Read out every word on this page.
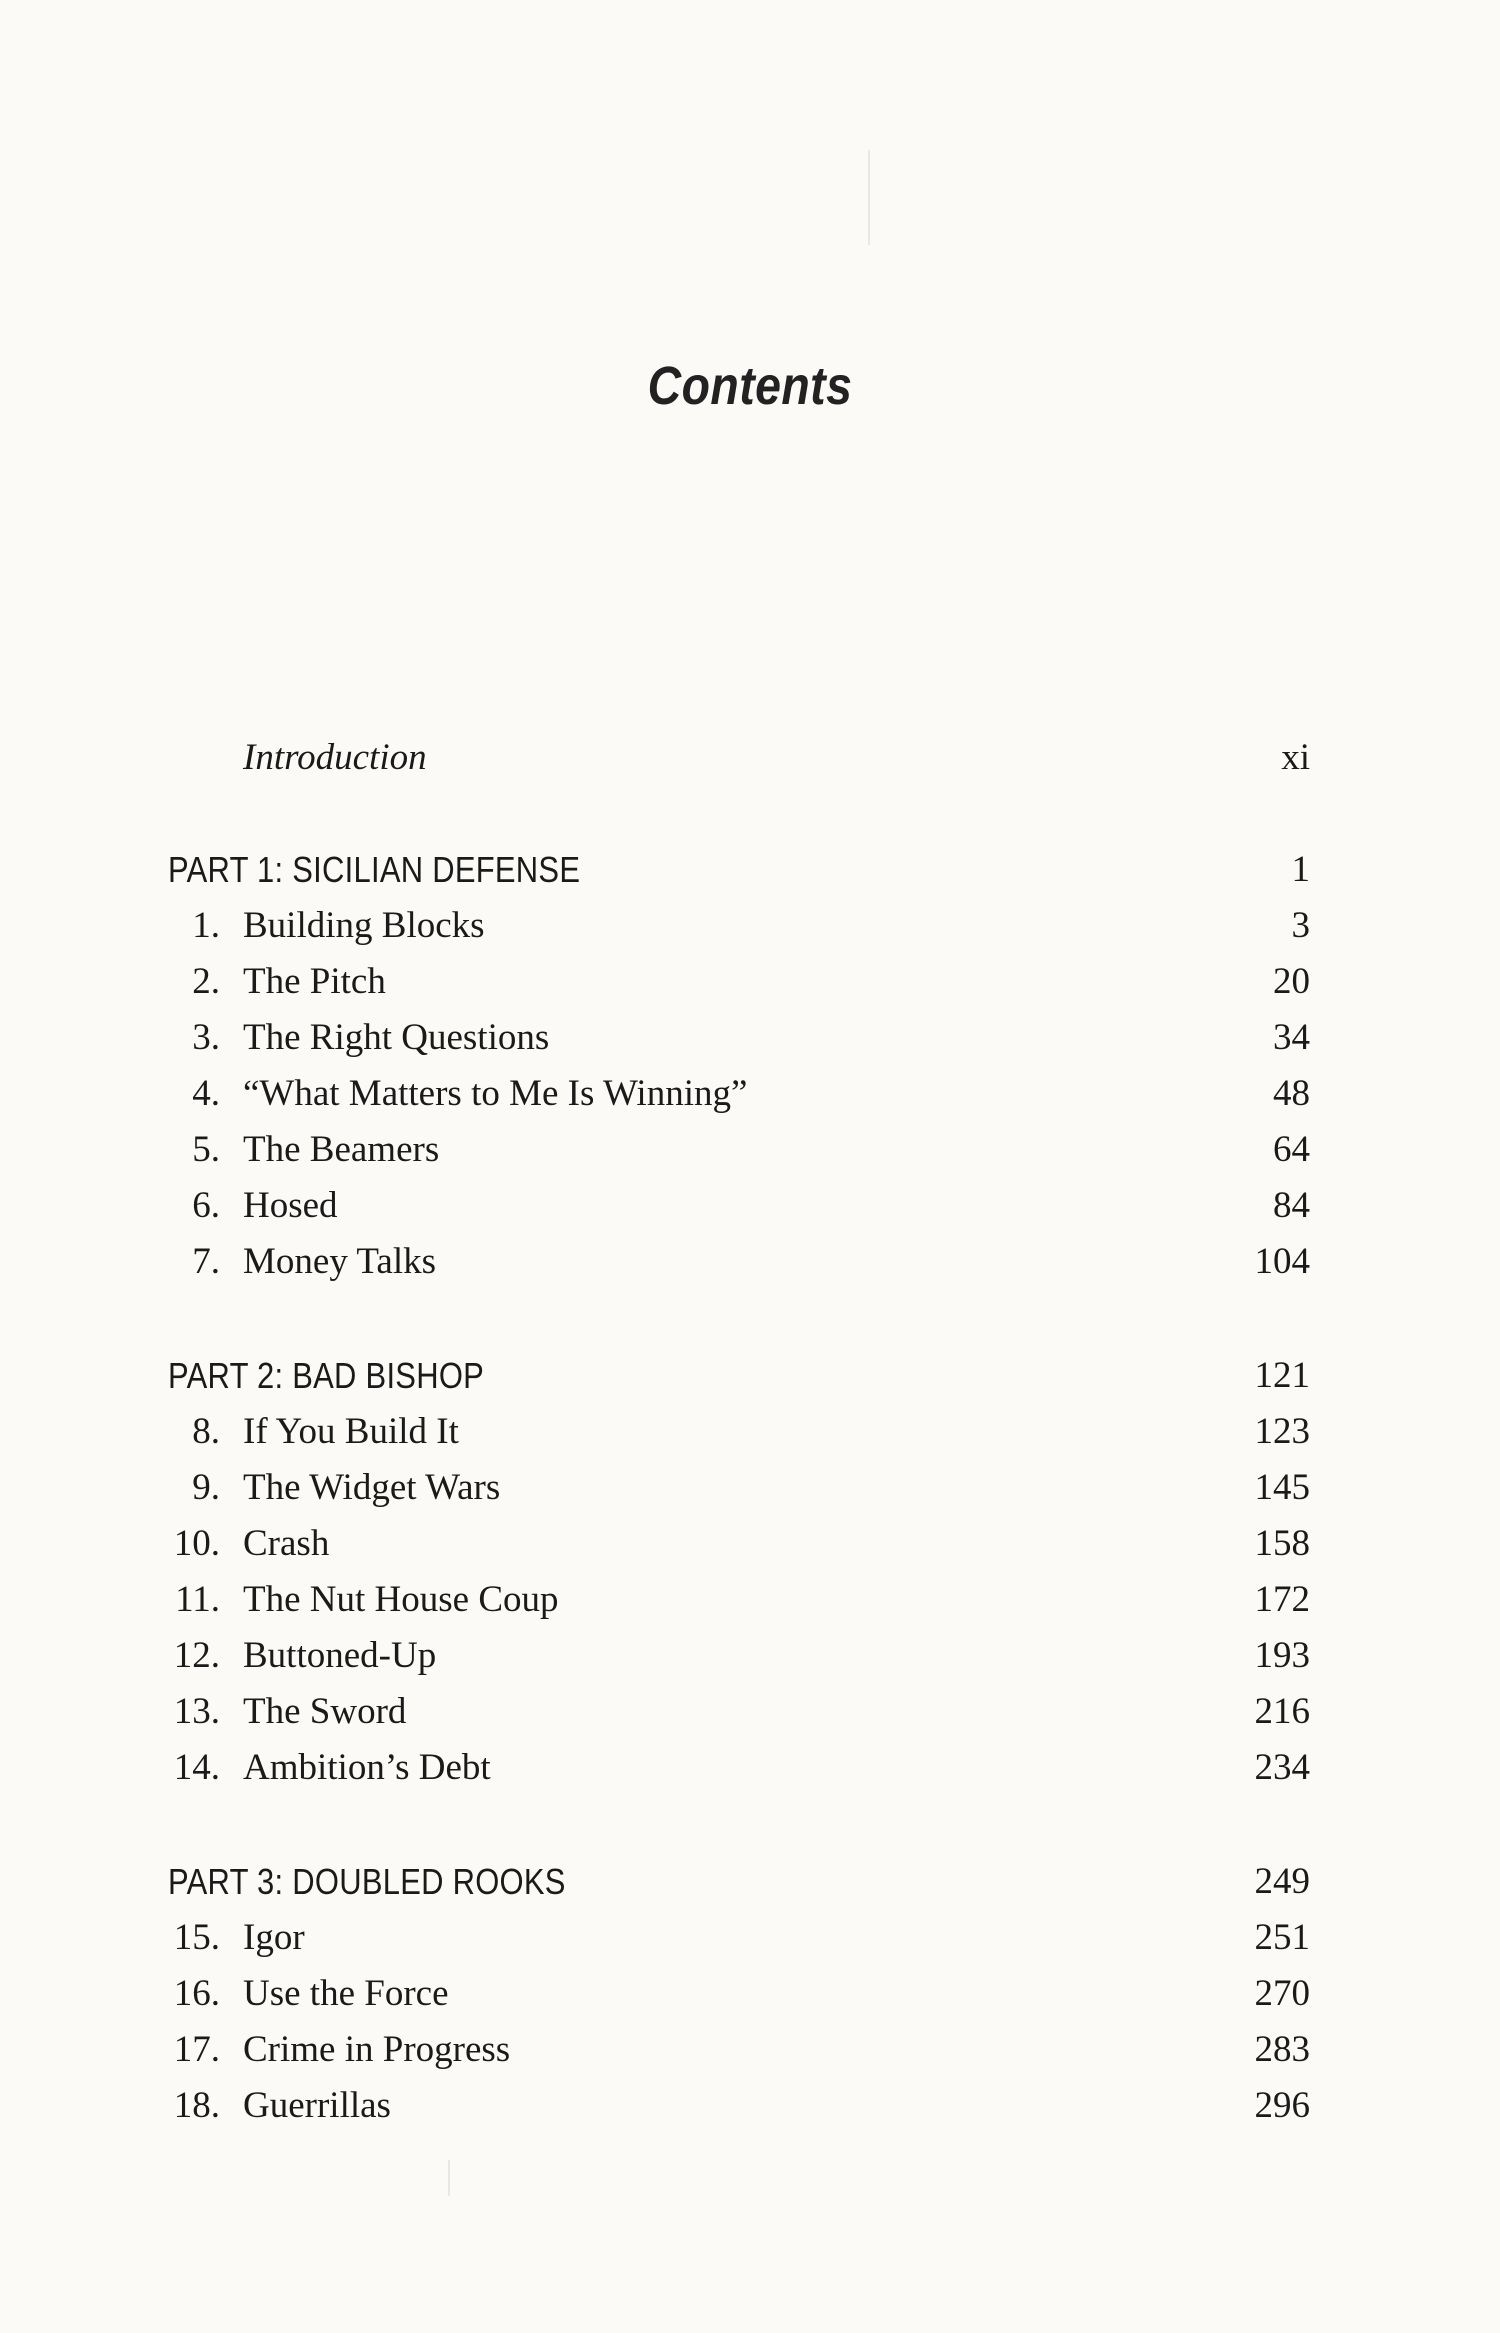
Contents
Introduction	xi
PART 1: SICILIAN DEFENSE	1
1. Building Blocks	3
2. The Pitch	20
3. The Right Questions	34
4. “What Matters to Me Is Winning”	48
5. The Beamers	64
6. Hosed	84
7. Money Talks	104
PART 2: BAD BISHOP	121
8. If You Build It	123
9. The Widget Wars	145
10. Crash	158
11. The Nut House Coup	172
12. Buttoned-Up	193
13. The Sword	216
14. Ambition’s Debt	234
PART 3: DOUBLED ROOKS	249
15. Igor	251
16. Use the Force	270
17. Crime in Progress	283
18. Guerrillas	296
